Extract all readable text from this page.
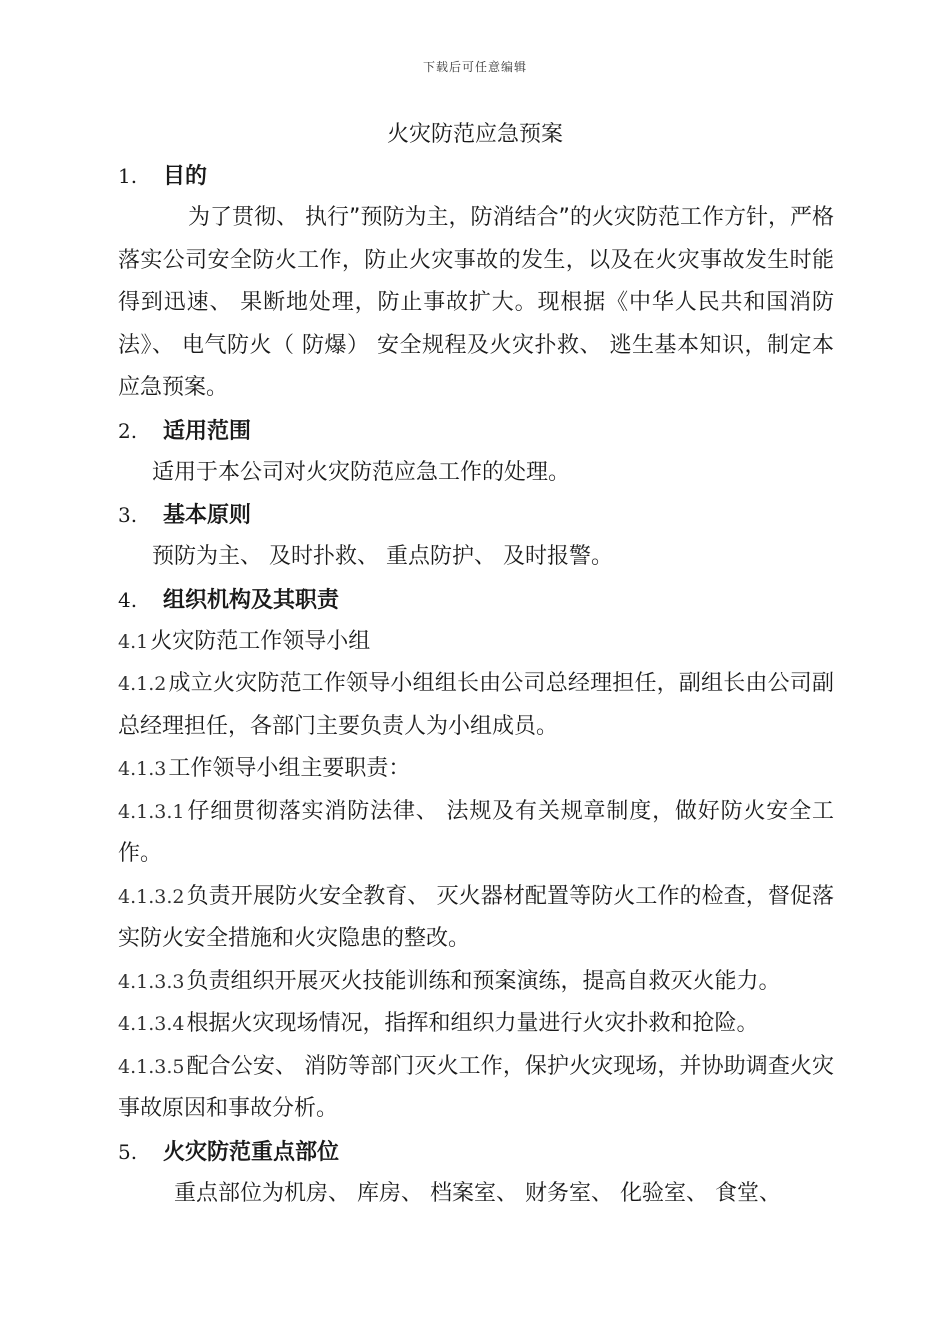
下载后可任意编辑
火灾防范应急预案
1. 目的

为了贯彻、 执行”预防为主，防消结合”的火灾防范工作方针，严格落实公司安全防火工作，防止火灾事故的发生，以及在火灾事故发生时能得到迅速、 果断地处理，防止事故扩大。现根据《中华人民共和国消防法》、 电气防火（ 防爆） 安全规程及火灾扑救、 逃生基本知识，制定本应急预案。

2. 适用范围

适用于本公司对火灾防范应急工作的处理。

3. 基本原则

预防为主、 及时扑救、 重点防护、 及时报警。

4. 组织机构及其职责

4.1火灾防范工作领导小组

4.1.2成立火灾防范工作领导小组组长由公司总经理担任，副组长由公司副总经理担任，各部门主要负责人为小组成员。

4.1.3工作领导小组主要职责：

4.1.3.1仔细贯彻落实消防法律、 法规及有关规章制度，做好防火安全工作。

4.1.3.2负责开展防火安全教育、 灭火器材配置等防火工作的检查，督促落实防火安全措施和火灾隐患的整改。

4.1.3.3负责组织开展灭火技能训练和预案演练，提高自救灭火能力。

4.1.3.4根据火灾现场情况，指挥和组织力量进行火灾扑救和抢险。

4.1.3.5配合公安、 消防等部门灭火工作，保护火灾现场，并协助调查火灾事故原因和事故分析。

5. 火灾防范重点部位

重点部位为机房、 库房、 档案室、 财务室、 化验室、 食堂、
